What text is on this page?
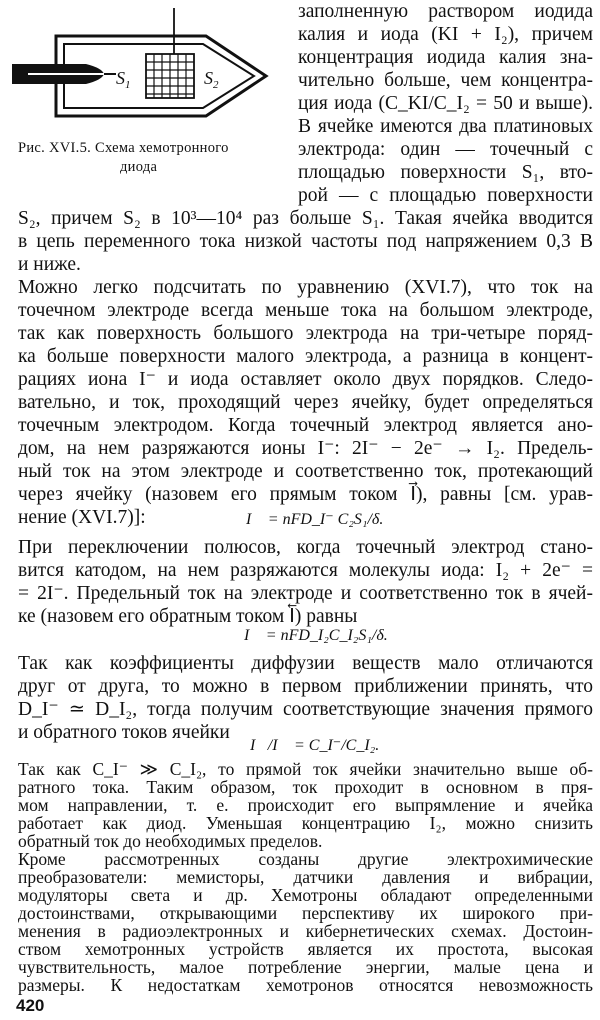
$S_1$	$S_2$
Рис. XVI.5. Схема хемотронного
диода
заполненную раствором иодида
калия и иода (KI + I₂), причем
концентрация иодида калия зна-
чительно больше, чем концентра-
ция иода (C_KI/C_I₂ = 50 и выше).
В ячейке имеются два платиновых
электрода: один — точечный с
площадью поверхности S₁, вто-
рой — с площадью поверхности
S₂, причем S₂ в 10³—10⁴ раз больше S₁. Такая ячейка вводится
в цепь переменного тока низкой частоты под напряжением 0,3 В
и ниже.
Можно легко подсчитать по уравнению (XVI.7), что ток на
точечном электроде всегда меньше тока на большом электроде,
так как поверхность большого электрода на три-четыре поряд-
ка больше поверхности малого электрода, а разница в концент-
рациях иона I⁻ и иода оставляет около двух порядков. Следо-
вательно, и ток, проходящий через ячейку, будет определяться
точечным электродом. Когда точечный электрод является ано-
дом, на нем разряжаются ионы I⁻: 2I⁻ − 2e⁻ → I₂. Предель-
ный ток на этом электроде и соответственно ток, протекающий
через ячейку (назовем его прямым током I⃗), равны [см. урав-
нение (XVI.7)]:	I⃗ = nFD_I⁻ C₂S₁/δ.
При переключении полюсов, когда точечный электрод стано-
вится катодом, на нем разряжаются молекулы иода: I₂ + 2e⁻ =
= 2I⁻. Предельный ток на электроде и соответственно ток в ячей-
ке (назовем его обратным током I⃖) равны
I⃖ = nFD_I₂C_I₂S₁/δ.
Так как коэффициенты диффузии веществ мало отличаются
друг от друга, то можно в первом приближении принять, что
D_I⁻ ≃ D_I₂, тогда получим соответствующие значения прямого
и обратного токов ячейки
I⃗/I⃖ = C_I⁻/C_I₂.
420
Так как C_I⁻ ≫ C_I₂, то прямой ток ячейки значительно выше об-
ратного тока. Таким образом, ток проходит в основном в пря-
мом направлении, т. е. происходит его выпрямление и ячейка
работает как диод. Уменьшая концентрацию I₂, можно снизить
обратный ток до необходимых пределов.
Кроме рассмотренных созданы другие электрохимические
преобразователи: мемисторы, датчики давления и вибрации,
модуляторы света и др. Хемотроны обладают определенными
достоинствами, открывающими перспективу их широкого при-
менения в радиоэлектронных и кибернетических схемах. Достоин-
ством хемотронных устройств является их простота, высокая
чувствительность, малое потребление энергии, малые цена и
размеры. К недостаткам хемотронов относятся невозможность
